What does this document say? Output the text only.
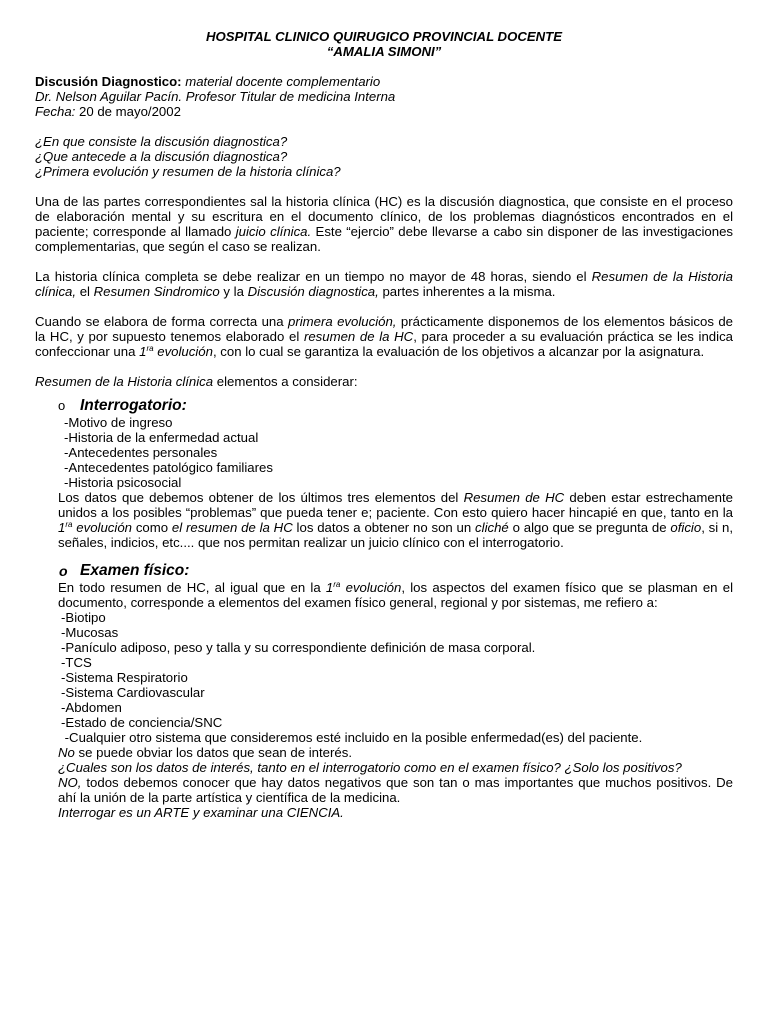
HOSPITAL CLINICO QUIRUGICO PROVINCIAL DOCENTE
“AMALIA SIMONI”
Discusión Diagnostico: material docente complementario
Dr. Nelson Aguilar Pacín. Profesor Titular de medicina Interna
Fecha: 20 de mayo/2002
¿En que consiste la discusión diagnostica?
¿Que antecede a la discusión diagnostica?
¿Primera evolución y resumen de la historia clínica?

Una de las partes correspondientes sal la historia clínica (HC) es la discusión diagnostica, que consiste en el proceso de elaboración mental y su escritura en el documento clínico, de los problemas diagnósticos encontrados en el paciente; corresponde al llamado juicio clínica. Este “ejercio” debe llevarse a cabo sin disponer de las investigaciones complementarias, que según el caso se realizan.

La historia clínica completa se debe realizar en un tiempo no mayor de 48 horas, siendo el Resumen de la Historia clínica, el Resumen Sindromico y la Discusión diagnostica, partes inherentes a la misma.

Cuando se elabora de forma correcta una primera evolución, prácticamente disponemos de los elementos básicos de la HC, y por supuesto tenemos elaborado el resumen de la HC, para proceder a su evaluación práctica se les indica confeccionar una $1^{ra}$ evolución, con lo cual se garantiza la evaluación de los objetivos a alcanzar por la asignatura.

Resumen de la Historia clínica elementos a considerar:

o Interrogatorio:
-Motivo de ingreso
-Historia de la enfermedad actual
-Antecedentes personales
-Antecedentes patológico familiares
-Historia psicosocial

Los datos que debemos obtener de los últimos tres elementos del Resumen de HC deben estar estrechamente unidos a los posibles “problemas” que pueda tener e; paciente. Con esto quiero hacer hincapié en que, tanto en la $1^{ra}$ evolución como el resumen de la HC los datos a obtener no son un cliché o algo que se pregunta de oficio, si n, señales, indicios, etc.... que nos permitan realizar un juicio clínico con el interrogatorio.

o Examen físico:

En todo resumen de HC, al igual que en la $1^{ra}$ evolución, los aspectos del examen físico que se plasman en el documento, corresponde a elementos del examen físico general, regional y por sistemas, me refiero a:

-Biotipo
-Mucosas
-Panículo adiposo, peso y talla y su correspondiente definición de masa corporal.
-TCS
-Sistema Respiratorio
-Sistema Cardiovascular
-Abdomen
-Estado de conciencia/SNC
-Cualquier otro sistema que consideremos esté incluido en la posible enfermedad(es) del paciente.

No se puede obviar los datos que sean de interés.

¿Cuales son los datos de interés, tanto en el interrogatorio como en el examen físico? ¿Solo los positivos?

NO, todos debemos conocer que hay datos negativos que son tan o mas importantes que muchos positivos. De ahí la unión de la parte artística y científica de la medicina.

Interrogar es un ARTE y examinar una CIENCIA.
